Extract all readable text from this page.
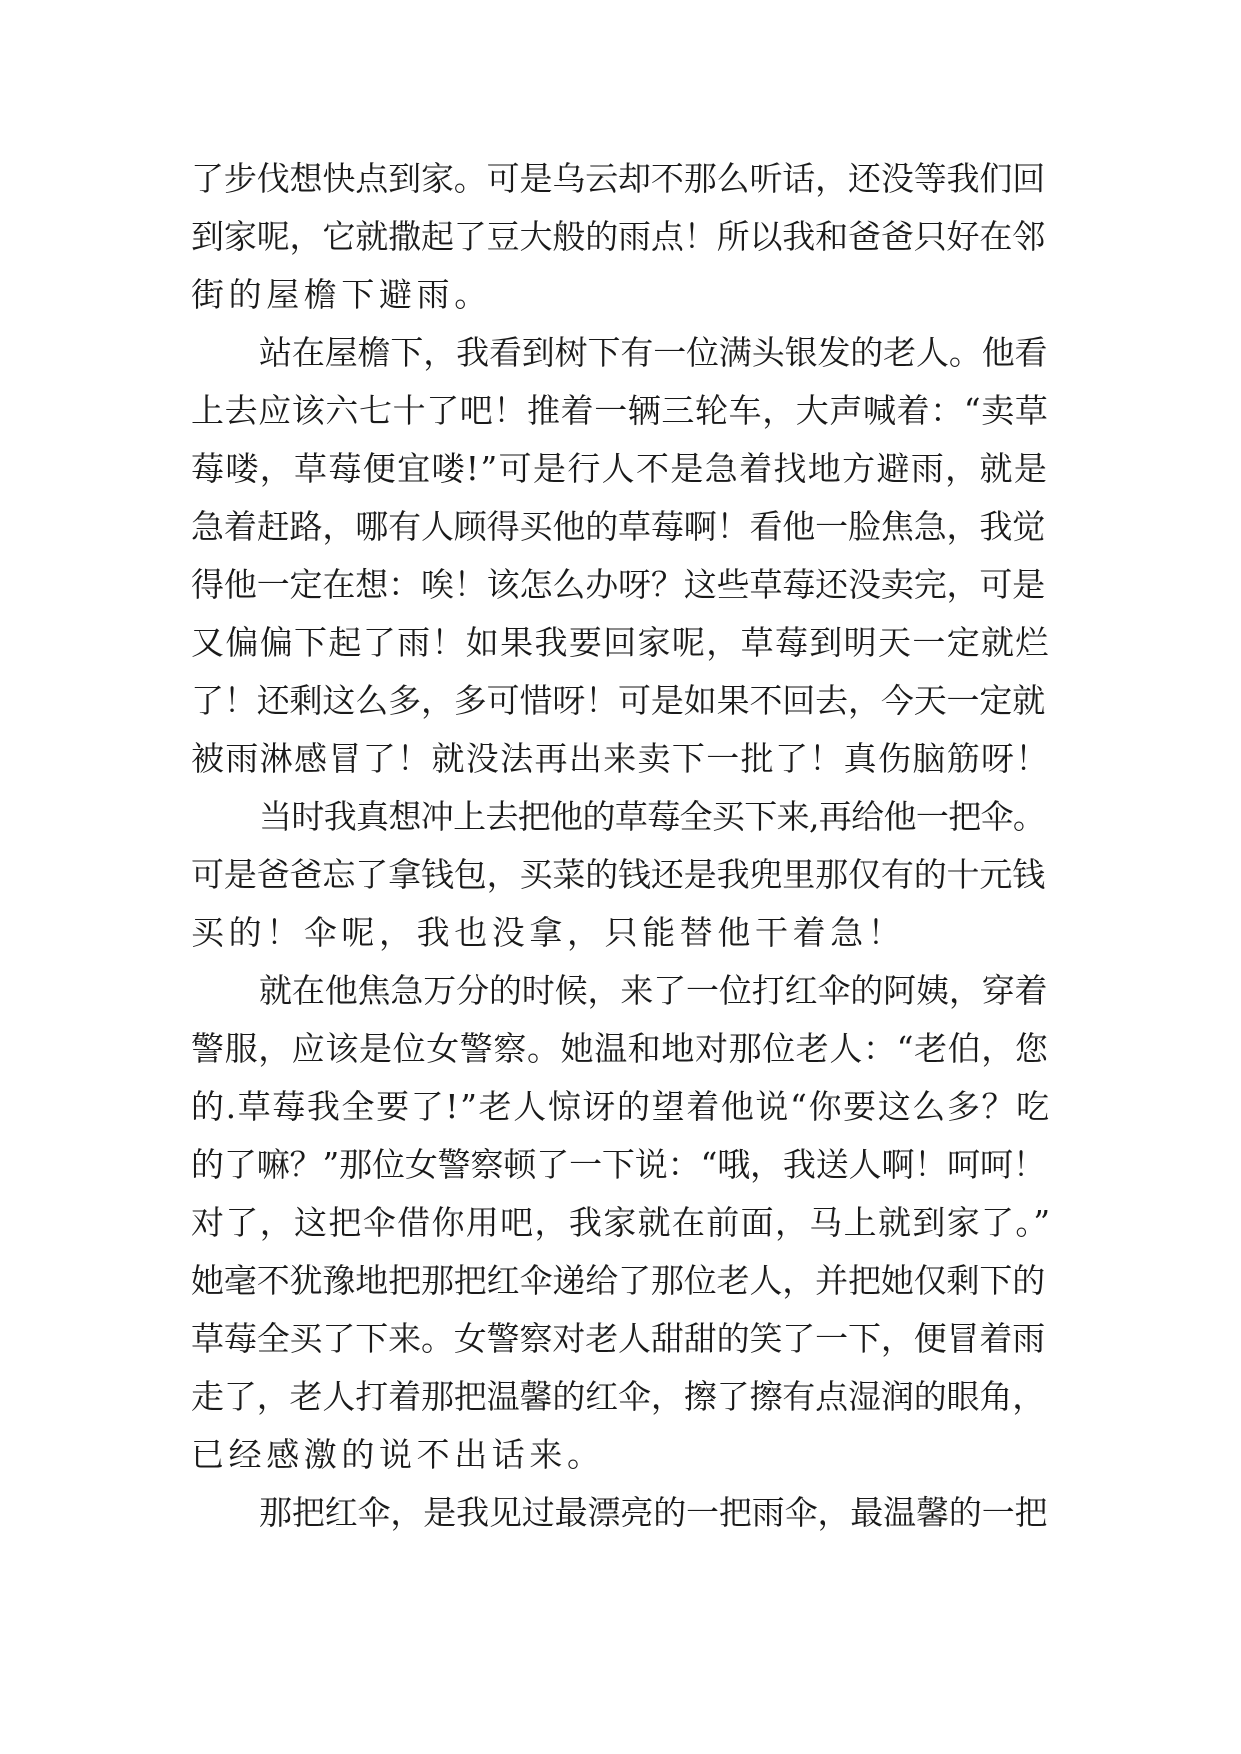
了步伐想快点到家。可是乌云却不那么听话，还没等我们回
到家呢，它就撒起了豆大般的雨点！所以我和爸爸只好在邻
街的屋檐下避雨。
站在屋檐下，我看到树下有一位满头银发的老人。他看
上去应该六七十了吧！推着一辆三轮车，大声喊着：“卖草
莓喽，草莓便宜喽!”可是行人不是急着找地方避雨，就是
急着赶路，哪有人顾得买他的草莓啊！看他一脸焦急，我觉
得他一定在想：唉！该怎么办呀？这些草莓还没卖完，可是
又偏偏下起了雨！如果我要回家呢，草莓到明天一定就烂
了！还剩这么多，多可惜呀！可是如果不回去，今天一定就
被雨淋感冒了！就没法再出来卖下一批了！真伤脑筋呀！
当时我真想冲上去把他的草莓全买下来,再给他一把伞。
可是爸爸忘了拿钱包，买菜的钱还是我兜里那仅有的十元钱
买的！伞呢，我也没拿，只能替他干着急！
就在他焦急万分的时候，来了一位打红伞的阿姨，穿着
警服，应该是位女警察。她温和地对那位老人：“老伯，您
的.草莓我全要了!”老人惊讶的望着他说“你要这么多？吃
的了嘛？”那位女警察顿了一下说：“哦，我送人啊！呵呵！
对了，这把伞借你用吧，我家就在前面，马上就到家了。”
她毫不犹豫地把那把红伞递给了那位老人，并把她仅剩下的
草莓全买了下来。女警察对老人甜甜的笑了一下，便冒着雨
走了，老人打着那把温馨的红伞，擦了擦有点湿润的眼角，
已经感激的说不出话来。
那把红伞，是我见过最漂亮的一把雨伞，最温馨的一把
